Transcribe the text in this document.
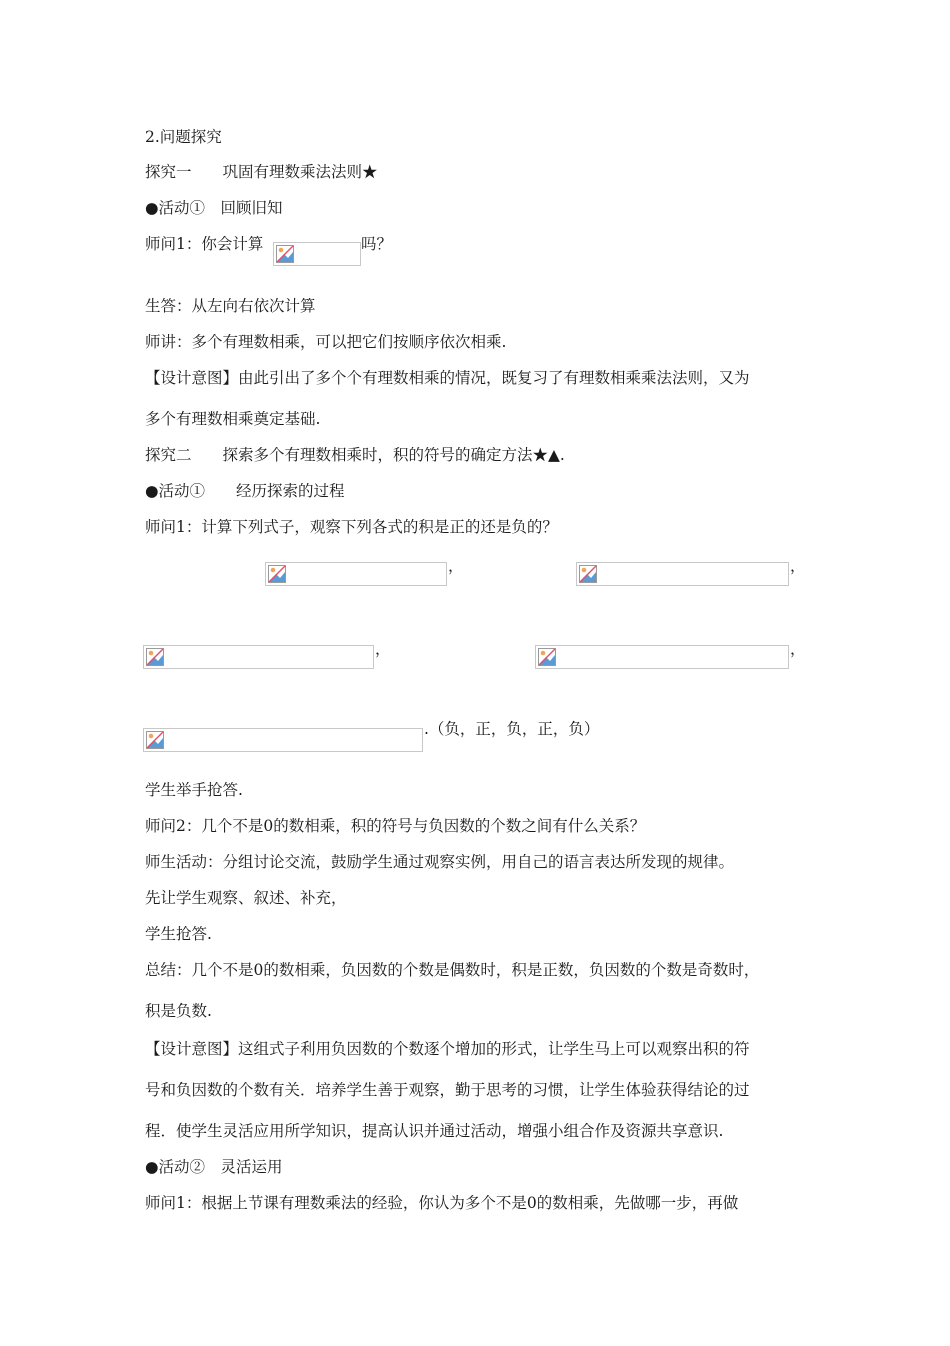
2.问题探究
探究一　　巩固有理数乘法法则★
●活动①　回顾旧知
师问1：你会计算	吗？
生答：从左向右依次计算
师讲：多个有理数相乘，可以把它们按顺序依次相乘.
【设计意图】由此引出了多个个有理数相乘的情况，既复习了有理数相乘乘法法则，又为
多个有理数相乘奠定基础.
探究二　　探索多个有理数相乘时，积的符号的确定方法★▲.
●活动①　　经历探索的过程
师问1：计算下列式子，观察下列各式的积是正的还是负的？
，	，
，	，
.（负，正，负，正，负）
学生举手抢答.
师问2：几个不是0的数相乘，积的符号与负因数的个数之间有什么关系？
师生活动：分组讨论交流，鼓励学生通过观察实例，用自己的语言表达所发现的规律。
先让学生观察、叙述、补充，
学生抢答.
总结：几个不是0的数相乘，负因数的个数是偶数时，积是正数，负因数的个数是奇数时，
积是负数.
【设计意图】这组式子利用负因数的个数逐个增加的形式，让学生马上可以观察出积的符
号和负因数的个数有关．培养学生善于观察，勤于思考的习惯，让学生体验获得结论的过
程．使学生灵活应用所学知识，提高认识并通过活动，增强小组合作及资源共享意识.
●活动②　灵活运用
师问1：根据上节课有理数乘法的经验，你认为多个不是0的数相乘，先做哪一步，再做
